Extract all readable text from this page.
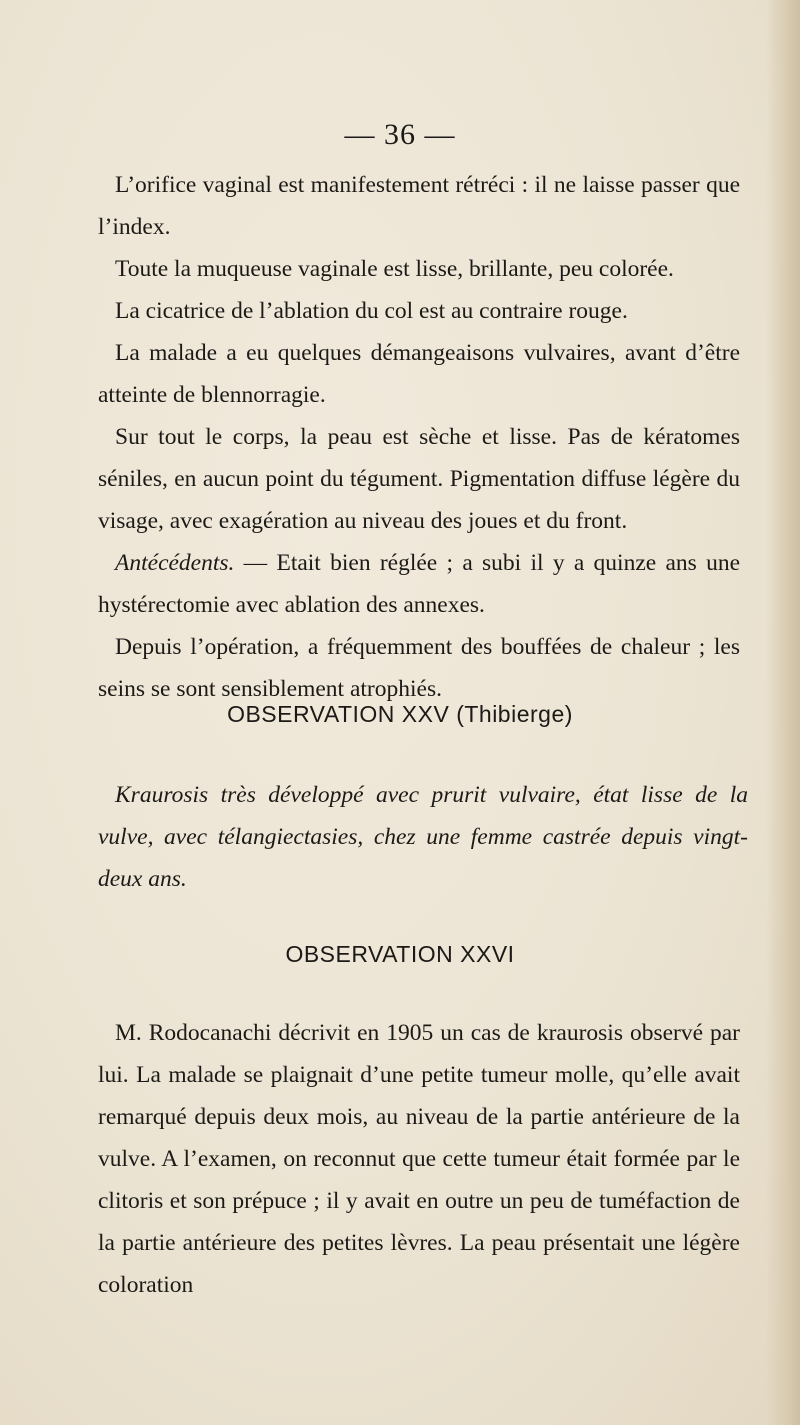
— 36 —

L’orifice vaginal est manifestement rétréci : il ne laisse passer que l’index.

Toute la muqueuse vaginale est lisse, brillante, peu colorée.

La cicatrice de l’ablation du col est au contraire rouge.

La malade a eu quelques démangeaisons vulvaires, avant d’être atteinte de blennorragie.

Sur tout le corps, la peau est sèche et lisse. Pas de kératomes séniles, en aucun point du tégument. Pigmentation diffuse légère du visage, avec exagération au niveau des joues et du front.

Antécédents. — Etait bien réglée ; a subi il y a quinze ans une hystérectomie avec ablation des annexes.

Depuis l’opération, a fréquemment des bouffées de chaleur ; les seins se sont sensiblement atrophiés.

OBSERVATION XXV (Thibierge)

Kraurosis très développé avec prurit vulvaire, état lisse de la vulve, avec télangiectasies, chez une femme castrée depuis vingt-deux ans.

OBSERVATION XXVI

M. Rodocanachi décrivit en 1905 un cas de kraurosis observé par lui. La malade se plaignait d’une petite tumeur molle, qu’elle avait remarqué depuis deux mois, au niveau de la partie antérieure de la vulve. A l’examen, on reconnut que cette tumeur était formée par le clitoris et son prépuce ; il y avait en outre un peu de tuméfaction de la partie antérieure des petites lèvres. La peau présentait une légère coloration
